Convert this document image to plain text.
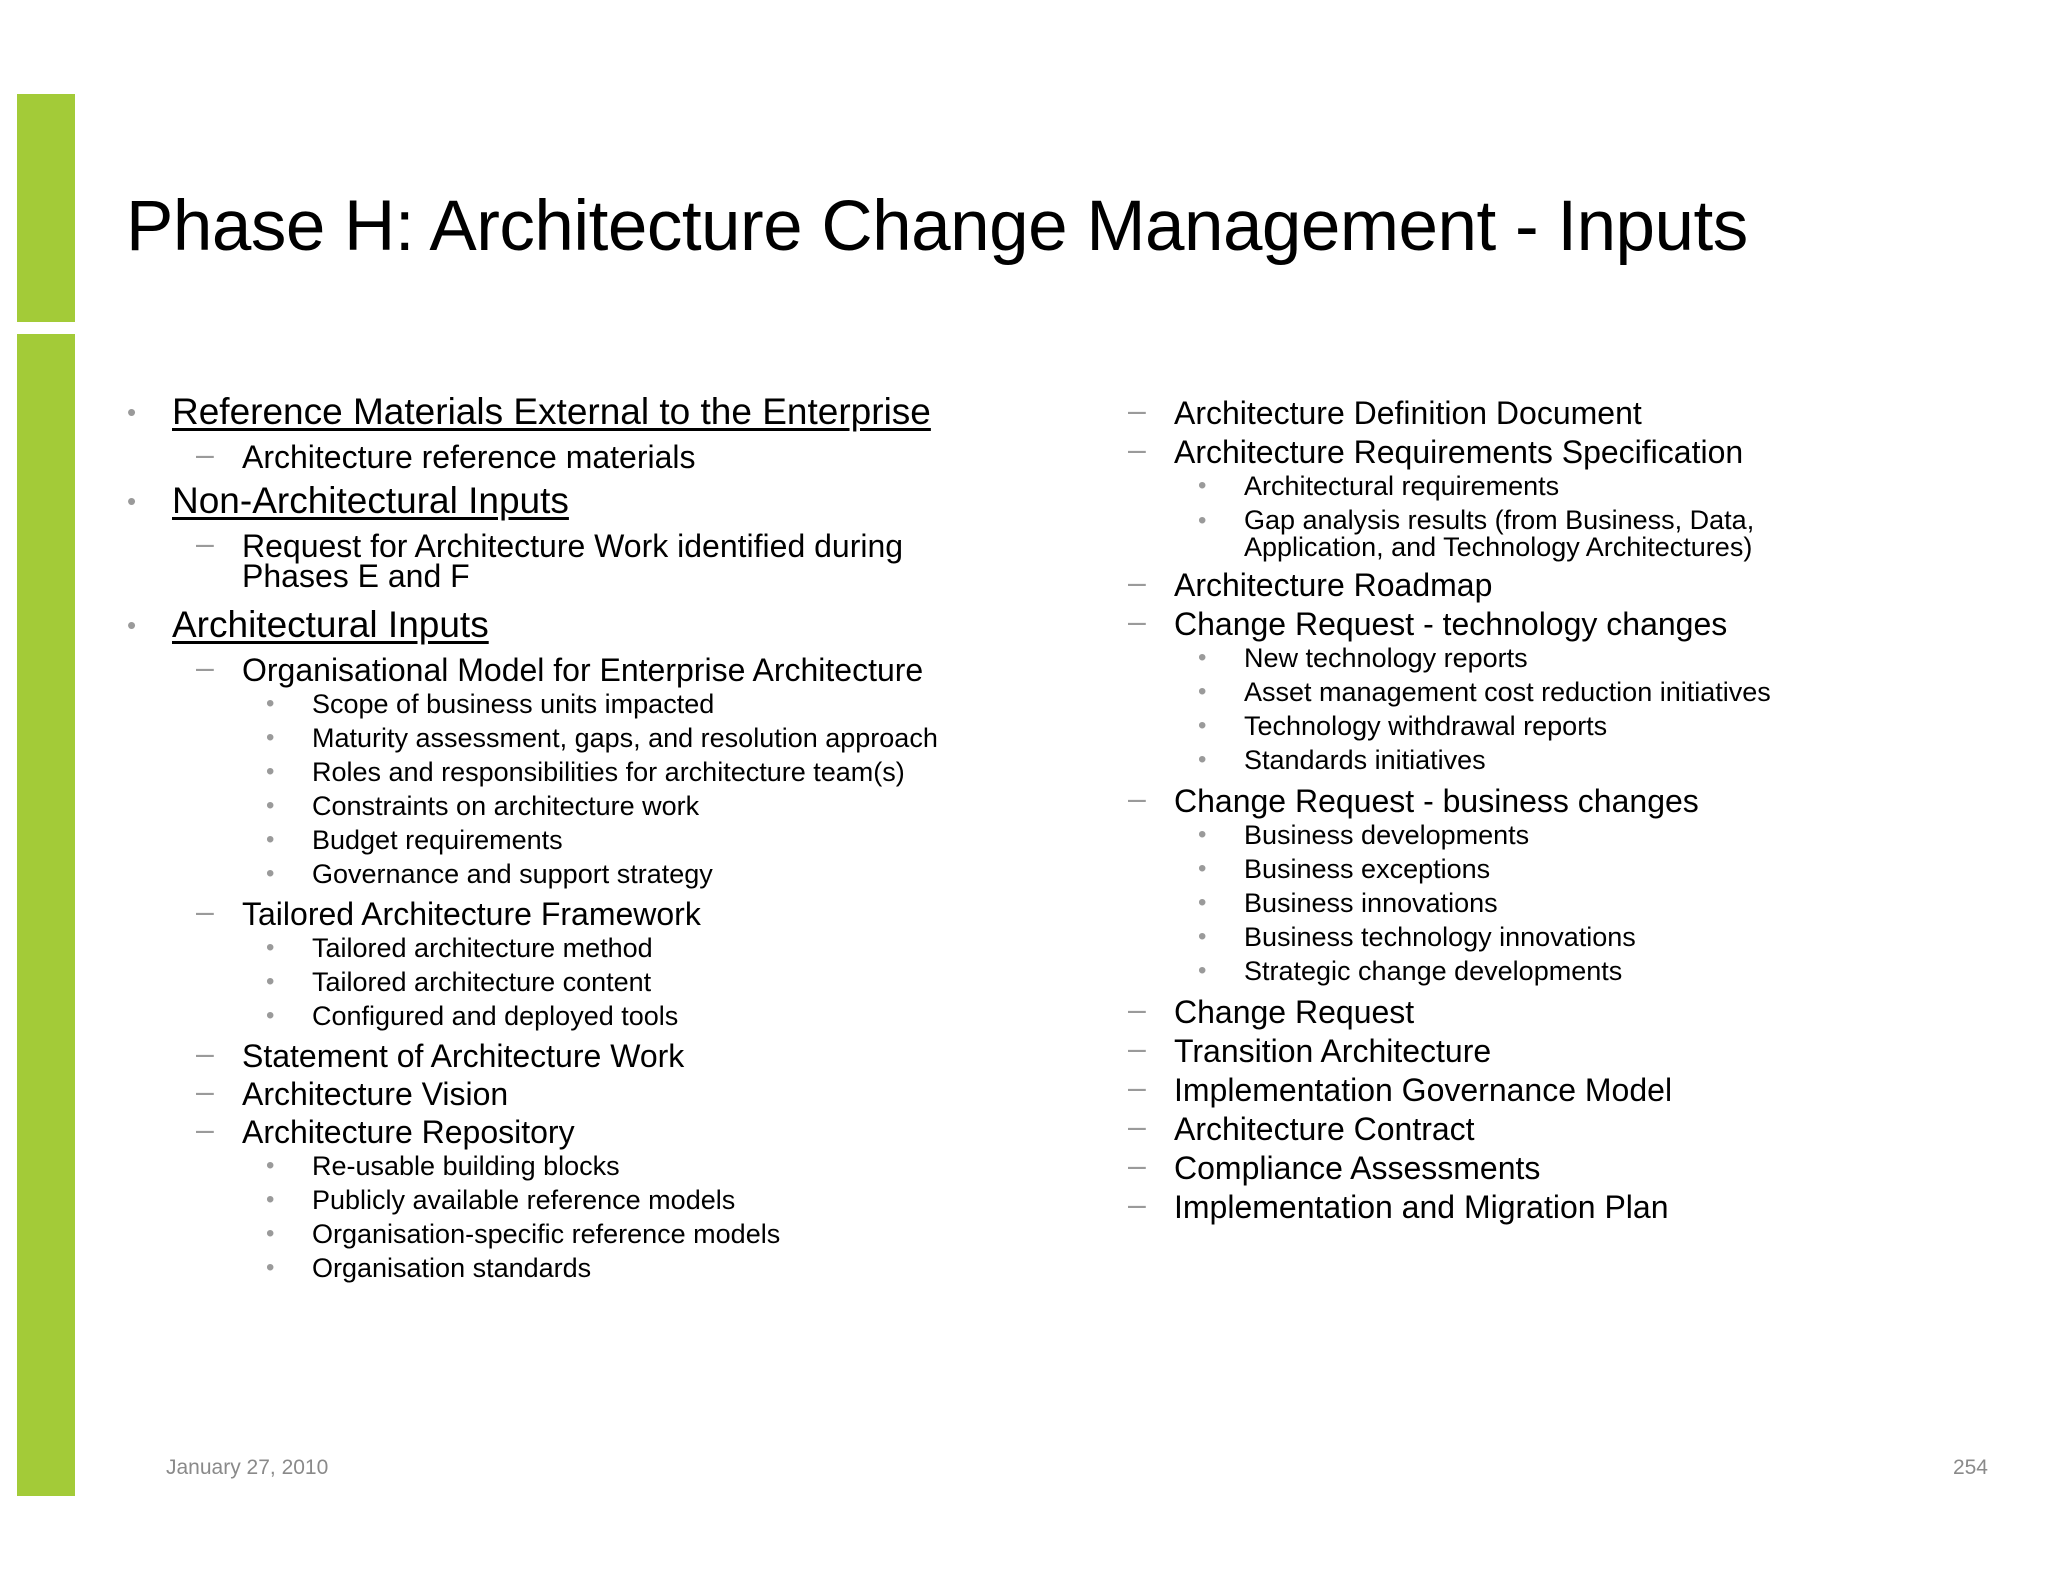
Phase H: Architecture Change Management - Inputs
• Reference Materials External to the Enterprise
– Architecture reference materials
• Non-Architectural Inputs
– Request for Architecture Work identified during Phases E and F
• Architectural Inputs
– Organisational Model for Enterprise Architecture
• Scope of business units impacted
• Maturity assessment, gaps, and resolution approach
• Roles and responsibilities for architecture team(s)
• Constraints on architecture work
• Budget requirements
• Governance and support strategy
– Tailored Architecture Framework
• Tailored architecture method
• Tailored architecture content
• Configured and deployed tools
– Statement of Architecture Work
– Architecture Vision
– Architecture Repository
• Re-usable building blocks
• Publicly available reference models
• Organisation-specific reference models
• Organisation standards
– Architecture Definition Document
– Architecture Requirements Specification
• Architectural requirements
• Gap analysis results (from Business, Data, Application, and Technology Architectures)
– Architecture Roadmap
– Change Request - technology changes
• New technology reports
• Asset management cost reduction initiatives
• Technology withdrawal reports
• Standards initiatives
– Change Request - business changes
• Business developments
• Business exceptions
• Business innovations
• Business technology innovations
• Strategic change developments
– Change Request
– Transition Architecture
– Implementation Governance Model
– Architecture Contract
– Compliance Assessments
– Implementation and Migration Plan
January 27, 2010	254
